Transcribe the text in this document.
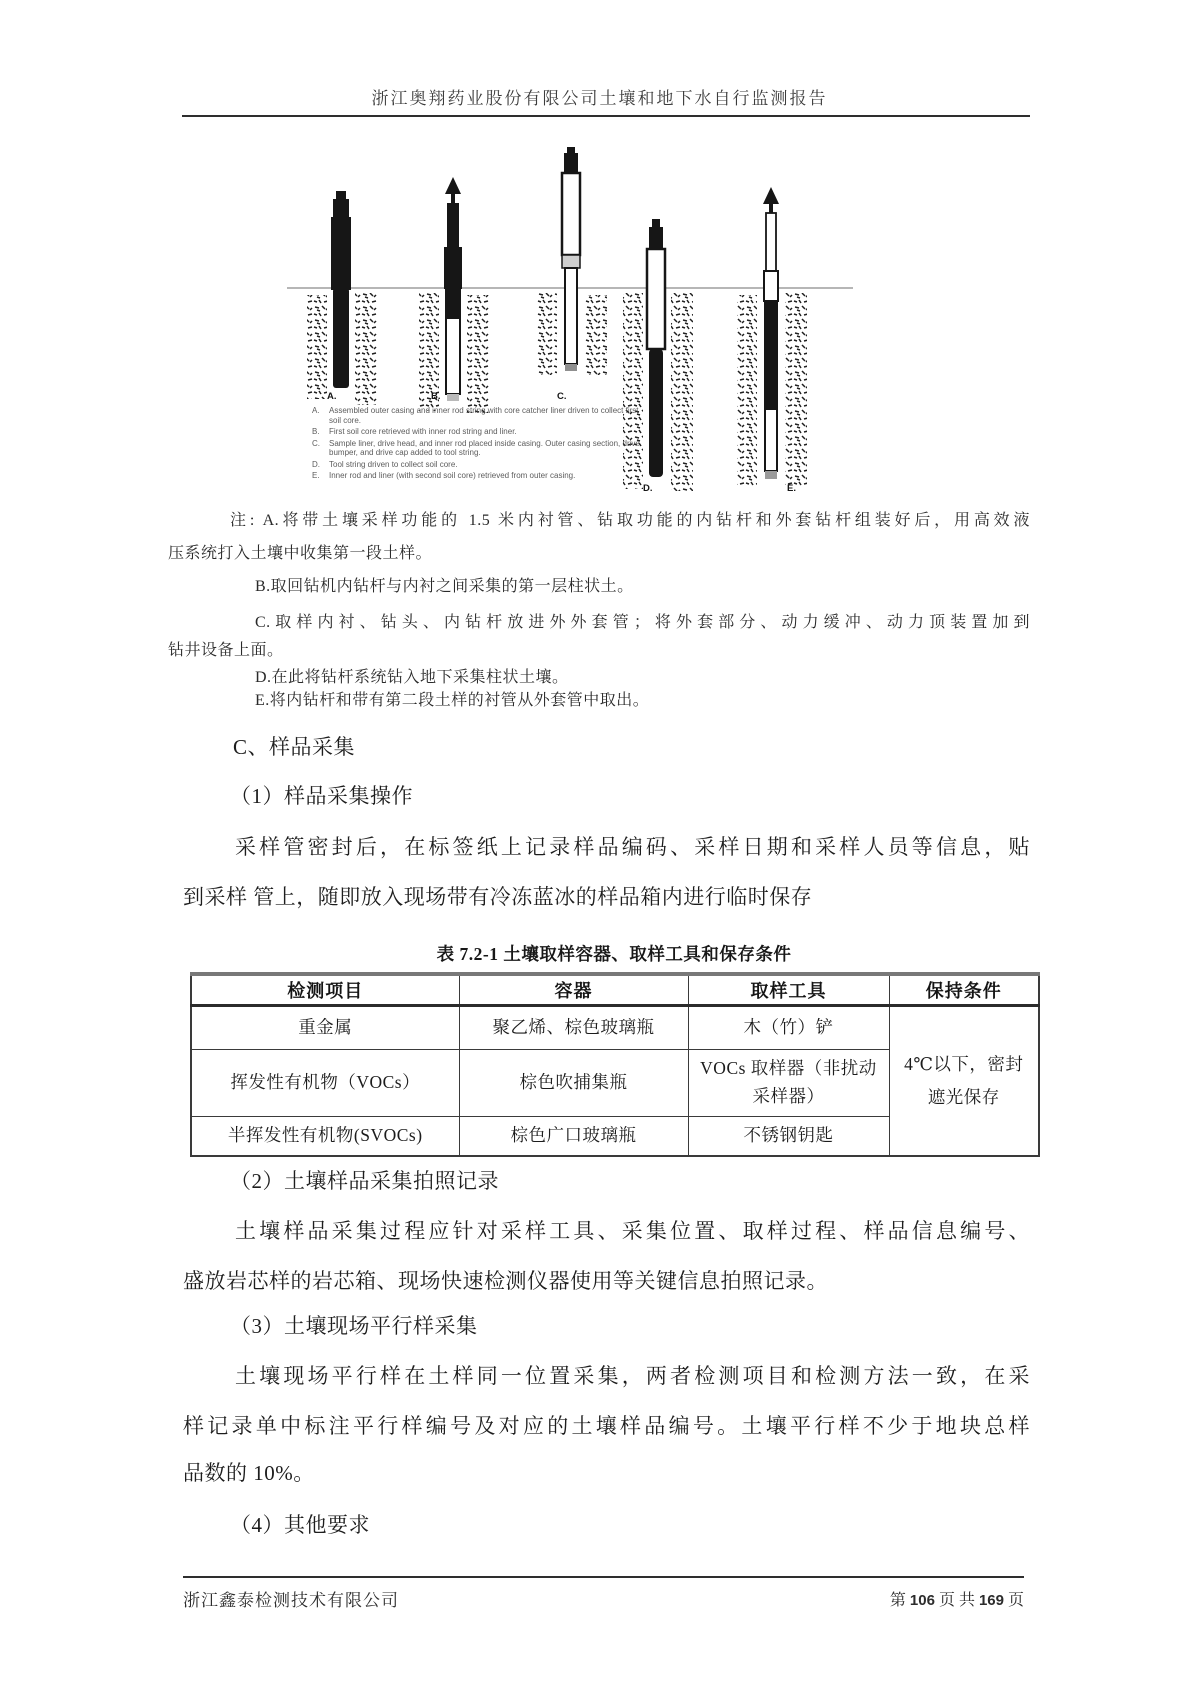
浙江奥翔药业股份有限公司土壤和地下水自行监测报告
A.	B.	C.
D.	E.
A.	Assembled outer casing and inner rod string with core catcher liner driven to collect first soil core.
B.	First soil core retrieved with inner rod string and liner.
C.	Sample liner, drive head, and inner rod placed inside casing. Outer casing section, drive bumper, and drive cap added to tool string.
D.	Tool string driven to collect soil core.
E.	Inner rod and liner (with second soil core) retrieved from outer casing.
注: A.将带土壤采样功能的 1.5 米内衬管、钻取功能的内钻杆和外套钻杆组装好后，用高效液
压系统打入土壤中收集第一段土样。
B.取回钻机内钻杆与内衬之间采集的第一层柱状土。
C.取样内衬、钻头、内钻杆放进外外套管；将外套部分、动力缓冲、动力顶装置加到
钻井设备上面。
D.在此将钻杆系统钻入地下采集柱状土壤。
E.将内钻杆和带有第二段土样的衬管从外套管中取出。
C、样品采集
（1）样品采集操作
采样管密封后，在标签纸上记录样品编码、采样日期和采样人员等信息，贴
到采样 管上，随即放入现场带有冷冻蓝冰的样品箱内进行临时保存
表 7.2-1 土壤取样容器、取样工具和保存条件
检测项目	容器	取样工具	保持条件
重金属	聚乙烯、棕色玻璃瓶	木（竹）铲	4℃以下，密封遮光保存
挥发性有机物（VOCs）	棕色吹捕集瓶	VOCs 取样器（非扰动采样器）	
半挥发性有机物(SVOCs)	棕色广口玻璃瓶	不锈钢钥匙	
（2）土壤样品采集拍照记录
土壤样品采集过程应针对采样工具、采集位置、取样过程、样品信息编号、
盛放岩芯样的岩芯箱、现场快速检测仪器使用等关键信息拍照记录。
（3）土壤现场平行样采集
土壤现场平行样在土样同一位置采集，两者检测项目和检测方法一致，在采
样记录单中标注平行样编号及对应的土壤样品编号。土壤平行样不少于地块总样
品数的 10%。
（4）其他要求
浙江鑫泰检测技术有限公司	第 106 页 共 169 页
